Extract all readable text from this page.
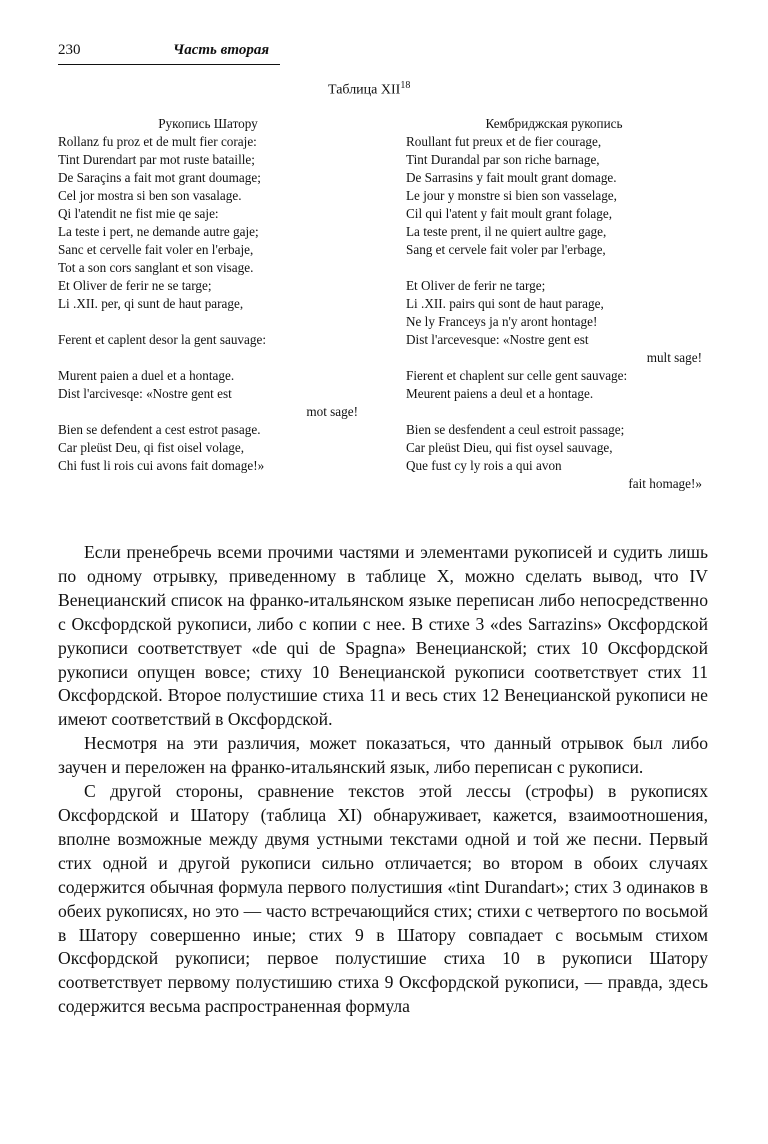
230	Часть вторая
Таблица XII$^{18}$
Рукопись Шатору
Rollanz fu proz et de mult fier coraje:
Tint Durendart par mot ruste bataille;
De Saraçins a fait mot grant doumage;
Cel jor mostra si ben son vasalage.
Qi l'atendit ne fist mie qe saje:
La teste i pert, ne demande autre gaje;
Sanc et cervelle fait voler en l'erbaje,
Tot a son cors sanglant et son visage.
Et Oliver de ferir ne se targe;
Li .XII. per, qi sunt de haut parage,
Ferent et caplent desor la gent sauvage:
Murent paien a duel et a hontage.
Dist l'arcivesqe: «Nostre gent est
mot sage!
Bien se defendent a cest estrot pasage.
Car pleüst Deu, qi fist oisel volage,
Chi fust li rois cui avons fait domage!»
Кембриджская рукопись
Roullant fut preux et de fier courage,
Tint Durandal par son riche barnage,
De Sarrasins y fait moult grant domage.
Le jour y monstre si bien son vasselage,
Cil qui l'atent y fait moult grant folage,
La teste prent, il ne quiert aultre gage,
Sang et cervele fait voler par l'erbage,
Et Oliver de ferir ne targe;
Li .XII. pairs qui sont de haut parage,
Ne ly Franceys ja n'y aront hontage!
Dist l'arcevesque: «Nostre gent est
mult sage!
Fierent et chaplent sur celle gent sauvage:
Meurent paiens a deul et a hontage.
Bien se desfendent a ceul estroit passage;
Car pleüst Dieu, qui fist oysel sauvage,
Que fust cy ly rois a qui avon
fait homage!»

Если пренебречь всеми прочими частями и элементами рукописей и судить лишь по одному отрывку, приведенному в таблице X, можно сделать вывод, что IV Венецианский список на франко-итальянском языке переписан либо непосредственно с Оксфордской рукописи, либо с копии с нее. В стихе 3 «des Sarrazins» Оксфордской рукописи соответствует «de qui de Spagna» Венецианской; стих 10 Оксфордской рукописи опущен вовсе; стиху 10 Венецианской рукописи соответствует стих 11 Оксфордской. Второе полустишие стиха 11 и весь стих 12 Венецианской рукописи не имеют соответствий в Оксфордской.

Несмотря на эти различия, может показаться, что данный отрывок был либо заучен и переложен на франко-итальянский язык, либо переписан с рукописи.

С другой стороны, сравнение текстов этой лессы (строфы) в рукописях Оксфордской и Шатору (таблица XI) обнаруживает, кажется, взаимоотношения, вполне возможные между двумя устными текстами одной и той же песни. Первый стих одной и другой рукописи сильно отличается; во втором в обоих случаях содержится обычная формула первого полустишия «tint Durandart»; стих 3 одинаков в обеих рукописях, но это — часто встречающийся стих; стихи с четвертого по восьмой в Шатору совершенно иные; стих 9 в Шатору совпадает с восьмым стихом Оксфордской рукописи; первое полустишие стиха 10 в рукописи Шатору соответствует первому полустишию стиха 9 Оксфордской рукописи, — правда, здесь содержится весьма распространенная формула
